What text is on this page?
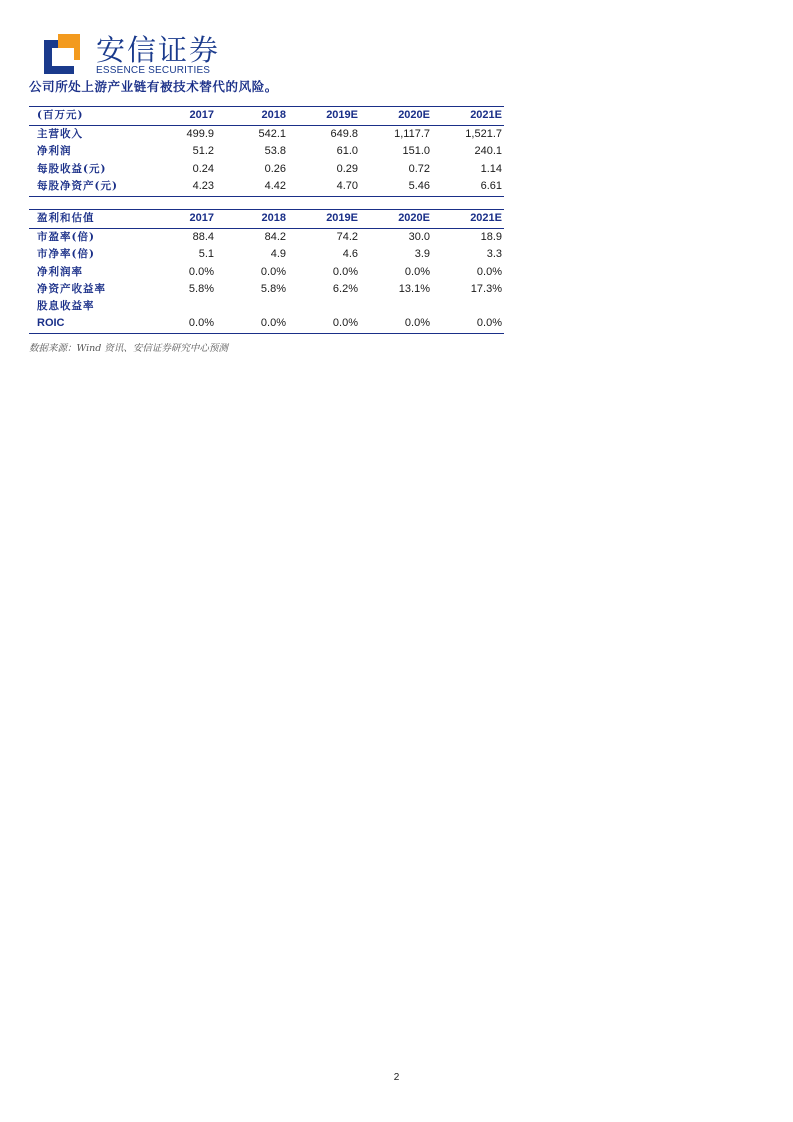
安信证券
ESSENCE SECURITIES
公司所处上游产业链有被技术替代的风险。
(百万元)	2017	2018	2019E	2020E	2021E
主营收入	499.9	542.1	649.8	1,117.7	1,521.7
净利润	51.2	53.8	61.0	151.0	240.1
每股收益(元)	0.24	0.26	0.29	0.72	1.14
每股净资产(元)	4.23	4.42	4.70	5.46	6.61
盈利和估值	2017	2018	2019E	2020E	2021E
市盈率(倍)	88.4	84.2	74.2	30.0	18.9
市净率(倍)	5.1	4.9	4.6	3.9	3.3
净利润率	0.0%	0.0%	0.0%	0.0%	0.0%
净资产收益率	5.8%	5.8%	6.2%	13.1%	17.3%
股息收益率
ROIC	0.0%	0.0%	0.0%	0.0%	0.0%
数据来源：Wind 资讯、安信证券研究中心预测
2
